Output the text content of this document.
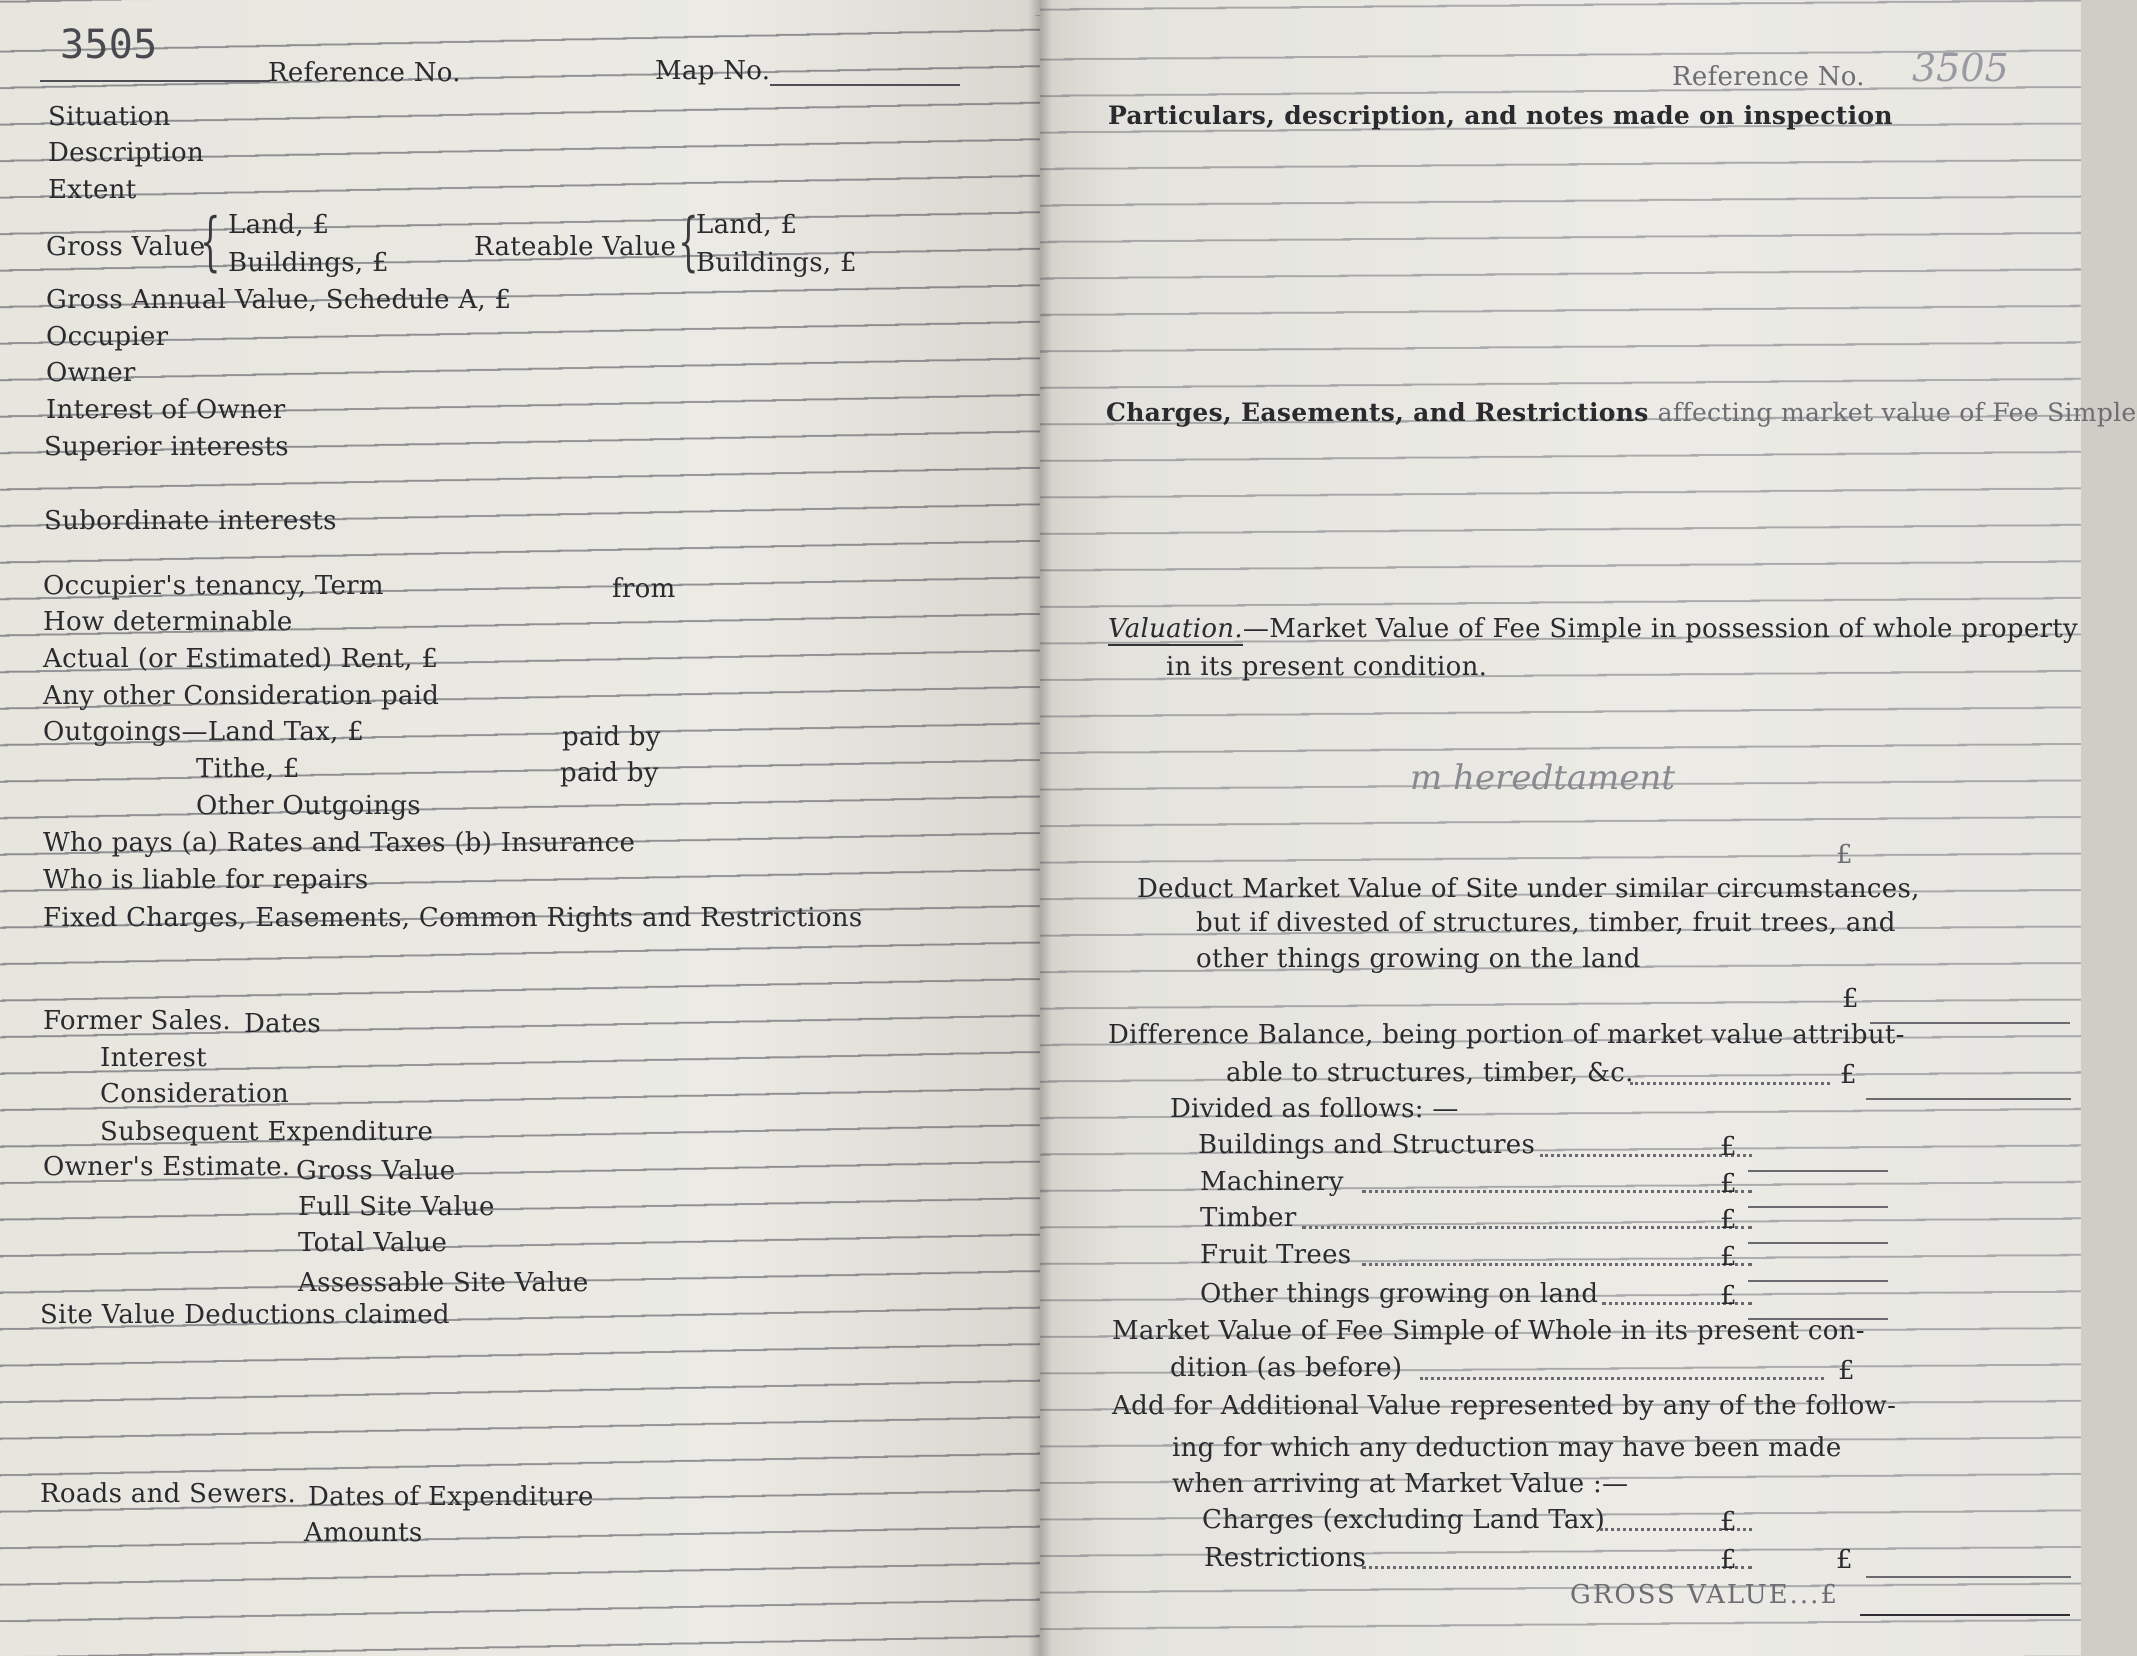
3505
Reference No.	Map No.
Situation
Description
Extent
Gross Value
{ Land, £
Buildings, £
Rateable Value {
Land, £
Buildings, £
Gross Annual Value, Schedule A, £
Occupier
Owner
Interest of Owner
Superior interests
Subordinate interests
Occupier's tenancy, Term	from
How determinable
Actual (or Estimated) Rent, £
Any other Consideration paid
Outgoings—Land Tax, £	paid by
Tithe, £	paid by
Other Outgoings
Who pays (a) Rates and Taxes (b) Insurance
Who is liable for repairs
Fixed Charges, Easements, Common Rights and Restrictions
Former Sales. Dates
Interest
Consideration
Subsequent Expenditure
Owner's Estimate. Gross Value
Full Site Value
Total Value
Assessable Site Value
Site Value Deductions claimed
Roads and Sewers. Dates of Expenditure
Amounts
Reference No. 3505
Particulars, description, and notes made on inspection
Charges, Easements, and Restrictions affecting market value of Fee Simple
Valuation.—Market Value of Fee Simple in possession of whole property
in its present condition.
m heredtament
£
Deduct Market Value of Site under similar circumstances,
but if divested of structures, timber, fruit trees, and
other things growing on the land
£
Difference Balance, being portion of market value attribut-
able to structures, timber, &c.	£
Divided as follows: —
Buildings and Structures	£
Machinery	£
Timber	£
Fruit Trees	£
Other things growing on land	£
Market Value of Fee Simple of Whole in its present con-
dition (as before)	£
Add for Additional Value represented by any of the follow-
ing for which any deduction may have been made
when arriving at Market Value :—
Charges (excluding Land Tax)	£
Restrictions	£	£
GROSS VALUE...£
